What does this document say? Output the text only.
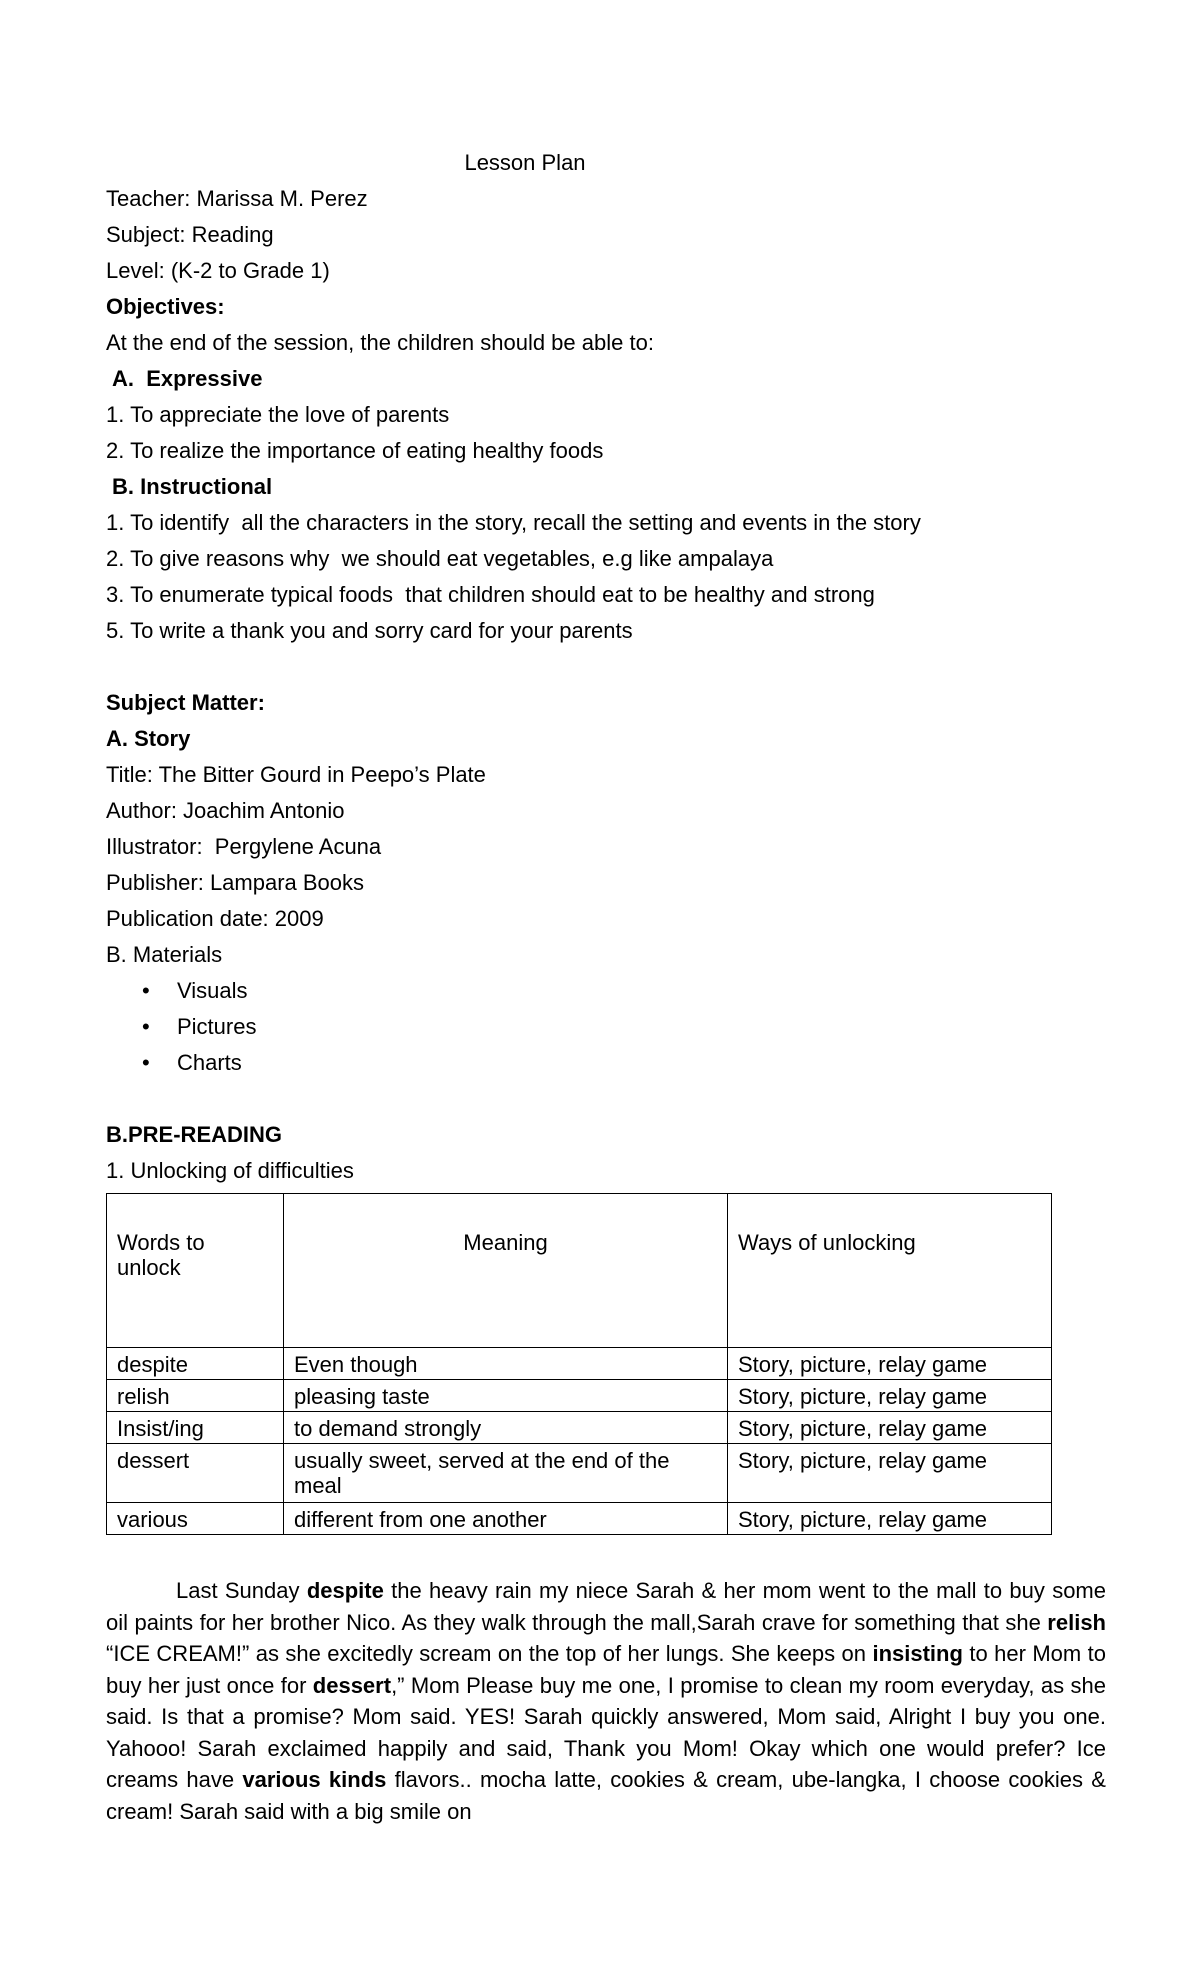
Lesson Plan
Teacher: Marissa M. Perez
Subject: Reading
Level: (K-2 to Grade 1)
Objectives:
At the end of the session, the children should be able to:
A.  Expressive
1. To appreciate the love of parents
2. To realize the importance of eating healthy foods
B. Instructional
1. To identify  all the characters in the story, recall the setting and events in the story
2. To give reasons why  we should eat vegetables, e.g like ampalaya
3. To enumerate typical foods  that children should eat to be healthy and strong
5. To write a thank you and sorry card for your parents
Subject Matter:
A. Story
Title: The Bitter Gourd in Peepo’s Plate
Author: Joachim Antonio
Illustrator:  Pergylene Acuna
Publisher: Lampara Books
Publication date: 2009
B. Materials
• Visuals
• Pictures
• Charts
B.PRE-READING
1. Unlocking of difficulties
Words to unlock	Meaning	Ways of unlocking
despite	Even though	Story, picture, relay game
relish	pleasing taste	Story, picture, relay game
Insist/ing	to demand strongly	Story, picture, relay game
dessert	usually sweet, served at the end of the meal	Story, picture, relay game
various	different from one another	Story, picture, relay game
Last Sunday despite the heavy rain my niece Sarah & her mom went to the mall to buy some oil paints for her brother Nico. As they walk through the mall,Sarah crave for something that she relish “ICE CREAM!” as she excitedly scream on the top of her lungs. She keeps on insisting to her Mom to buy her just once for dessert,” Mom Please buy me one, I promise to clean my room everyday, as she said. Is that a promise? Mom said. YES! Sarah quickly answered, Mom said, Alright I buy you one. Yahooo! Sarah exclaimed happily and said, Thank you Mom! Okay which one would prefer? Ice creams have various kinds flavors.. mocha latte, cookies & cream, ube-langka, I choose cookies & cream! Sarah said with a big smile on
